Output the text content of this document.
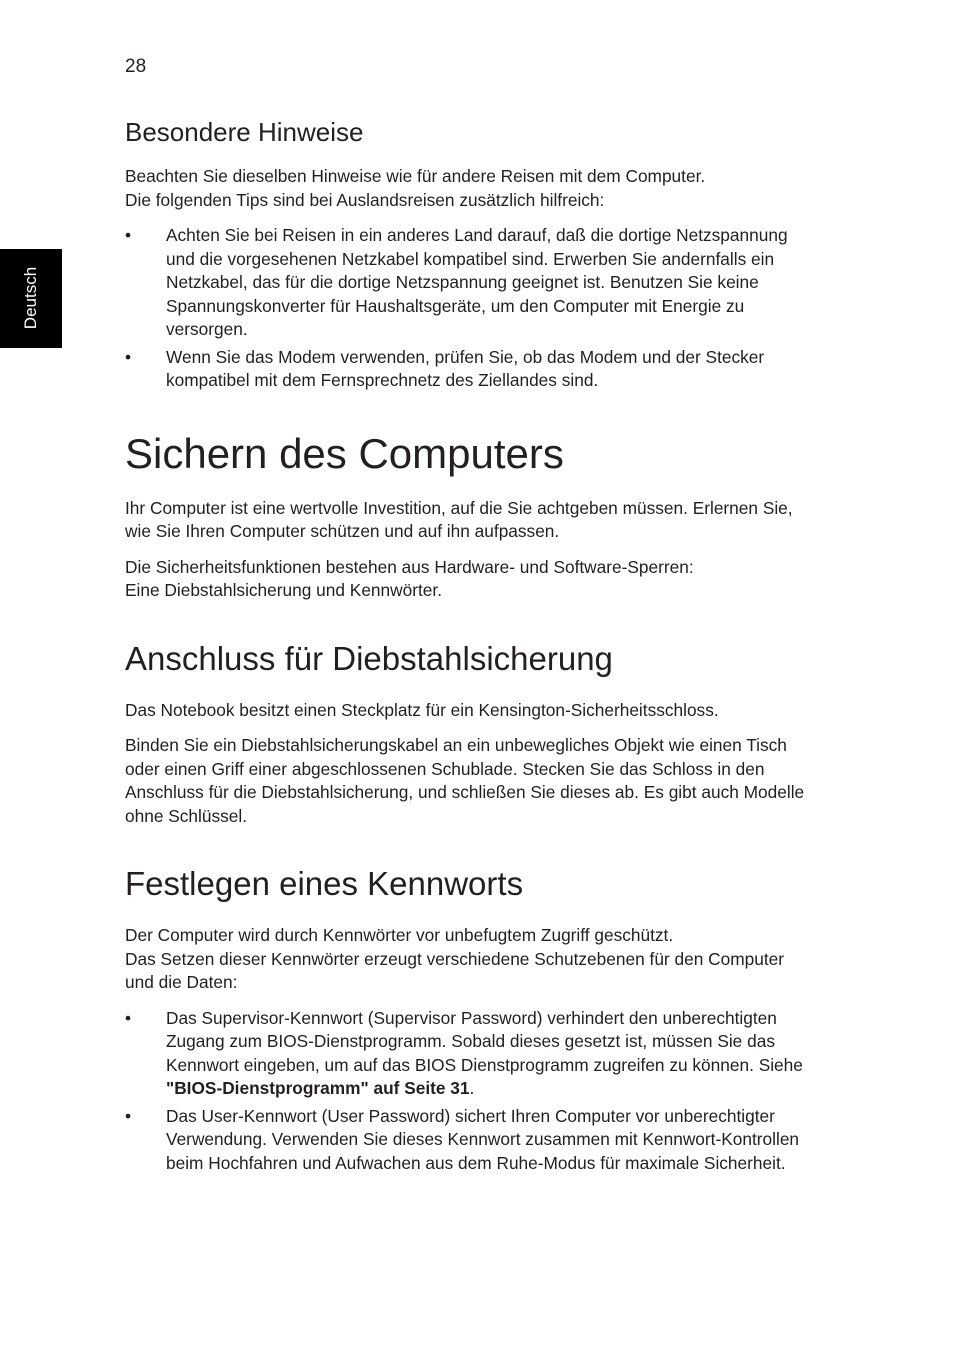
28
Deutsch
Besondere Hinweise

Beachten Sie dieselben Hinweise wie für andere Reisen mit dem Computer.
Die folgenden Tips sind bei Auslandsreisen zusätzlich hilfreich:

• Achten Sie bei Reisen in ein anderes Land darauf, daß die dortige Netzspannung und die vorgesehenen Netzkabel kompatibel sind. Erwerben Sie andernfalls ein Netzkabel, das für die dortige Netzspannung geeignet ist. Benutzen Sie keine Spannungskonverter für Haushaltsgeräte, um den Computer mit Energie zu versorgen.
• Wenn Sie das Modem verwenden, prüfen Sie, ob das Modem und der Stecker kompatibel mit dem Fernsprechnetz des Ziellandes sind.
Sichern des Computers

Ihr Computer ist eine wertvolle Investition, auf die Sie achtgeben müssen. Erlernen Sie, wie Sie Ihren Computer schützen und auf ihn aufpassen.

Die Sicherheitsfunktionen bestehen aus Hardware- und Software-Sperren:
Eine Diebstahlsicherung und Kennwörter.

Anschluss für Diebstahlsicherung

Das Notebook besitzt einen Steckplatz für ein Kensington-Sicherheitsschloss.

Binden Sie ein Diebstahlsicherungskabel an ein unbewegliches Objekt wie einen Tisch oder einen Griff einer abgeschlossenen Schublade. Stecken Sie das Schloss in den Anschluss für die Diebstahlsicherung, und schließen Sie dieses ab. Es gibt auch Modelle ohne Schlüssel.

Festlegen eines Kennworts

Der Computer wird durch Kennwörter vor unbefugtem Zugriff geschützt.
Das Setzen dieser Kennwörter erzeugt verschiedene Schutzebenen für den Computer und die Daten:

• Das Supervisor-Kennwort (Supervisor Password) verhindert den unberechtigten Zugang zum BIOS-Dienstprogramm. Sobald dieses gesetzt ist, müssen Sie das Kennwort eingeben, um auf das BIOS Dienstprogramm zugreifen zu können. Siehe "BIOS-Dienstprogramm" auf Seite 31.
• Das User-Kennwort (User Password) sichert Ihren Computer vor unberechtigter Verwendung. Verwenden Sie dieses Kennwort zusammen mit Kennwort-Kontrollen beim Hochfahren und Aufwachen aus dem Ruhe-Modus für maximale Sicherheit.
